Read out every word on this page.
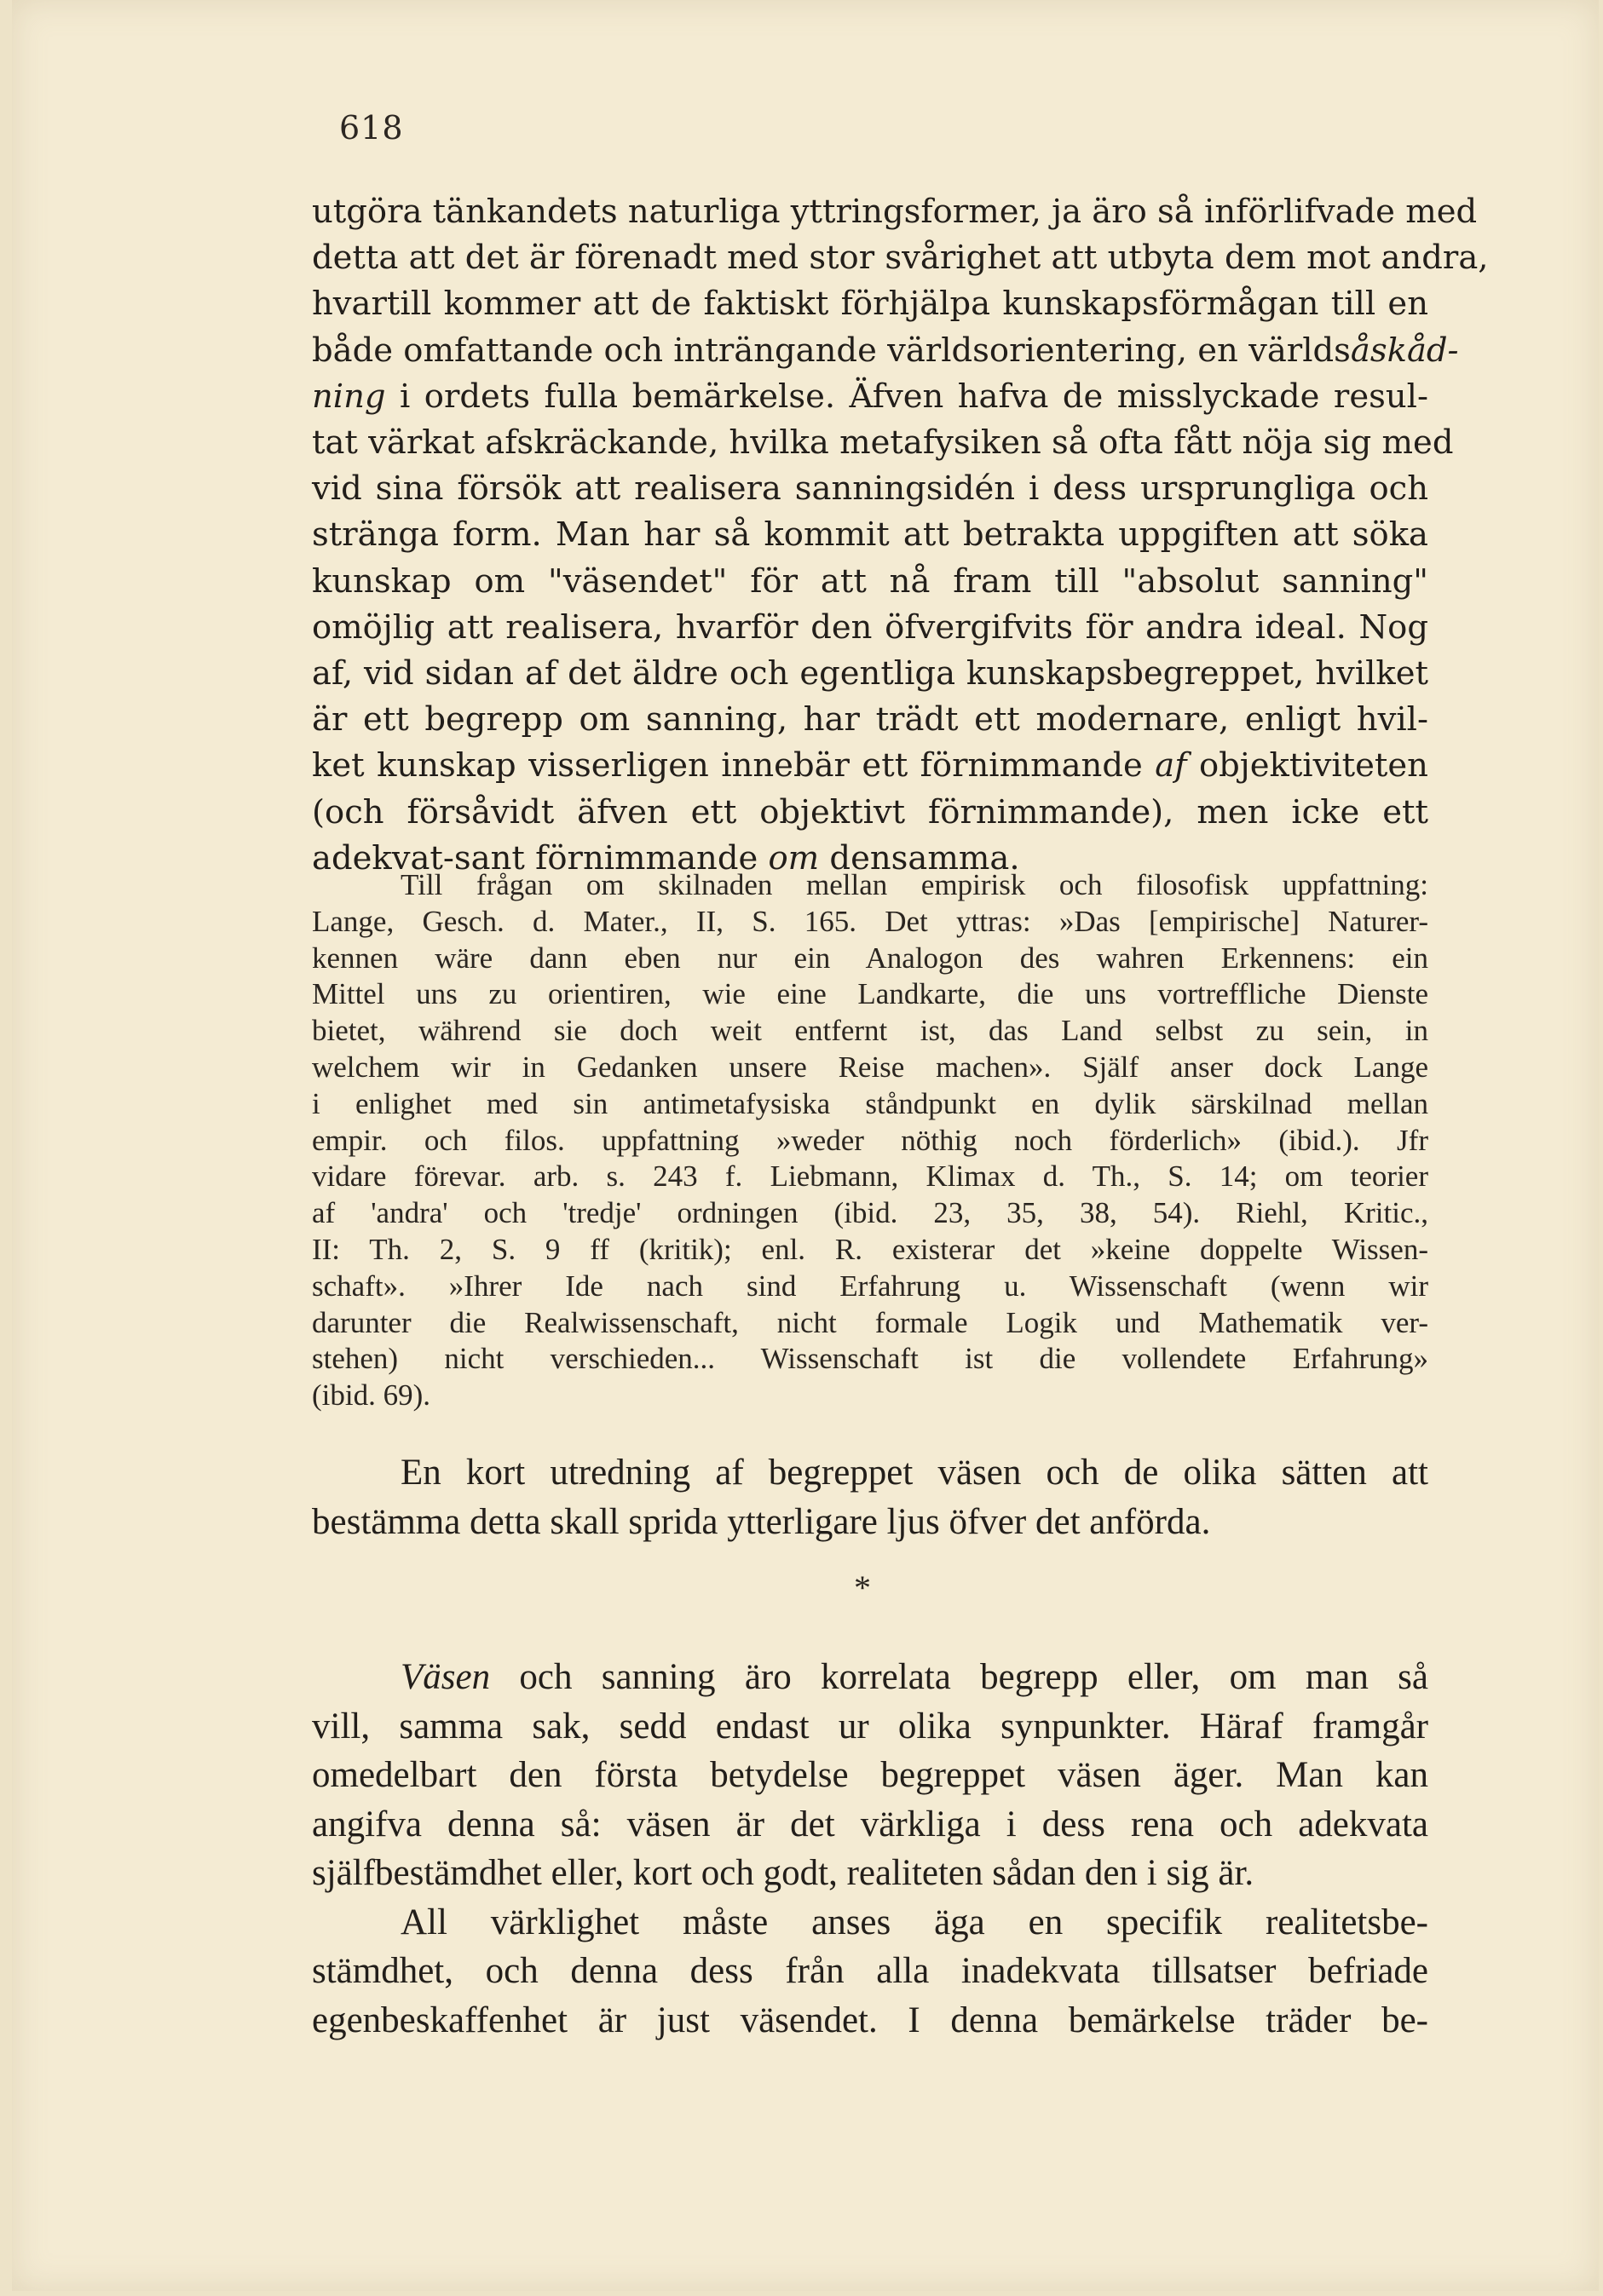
618
utgöra tänkandets naturliga yttringsformer, ja äro så införlifvade med
detta att det är förenadt med stor svårighet att utbyta dem mot andra,
hvartill kommer att de faktiskt förhjälpa kunskapsförmågan till en
både omfattande och inträngande världsorientering, en världsåskåd-
ning i ordets fulla bemärkelse. Äfven hafva de misslyckade resul-
tat värkat afskräckande, hvilka metafysiken så ofta fått nöja sig med
vid sina försök att realisera sanningsidén i dess ursprungliga och
stränga form. Man har så kommit att betrakta uppgiften att söka
kunskap om "väsendet" för att nå fram till "absolut sanning"
omöjlig att realisera, hvarför den öfvergifvits för andra ideal. Nog
af, vid sidan af det äldre och egentliga kunskapsbegreppet, hvilket
är ett begrepp om sanning, har trädt ett modernare, enligt hvil-
ket kunskap visserligen innebär ett förnimmande af objektiviteten
(och försåvidt äfven ett objektivt förnimmande), men icke ett
adekvat-sant förnimmande om densamma.
Till frågan om skilnaden mellan empirisk och filosofisk uppfattning:
Lange, Gesch. d. Mater., II, S. 165. Det yttras: »Das [empirische] Naturer-
kennen wäre dann eben nur ein Analogon des wahren Erkennens: ein
Mittel uns zu orientiren, wie eine Landkarte, die uns vortreffliche Dienste
bietet, während sie doch weit entfernt ist, das Land selbst zu sein, in
welchem wir in Gedanken unsere Reise machen». Själf anser dock Lange
i enlighet med sin antimetafysiska ståndpunkt en dylik särskilnad mellan
empir. och filos. uppfattning »weder nöthig noch förderlich» (ibid.). Jfr
vidare förevar. arb. s. 243 f. Liebmann, Klimax d. Th., S. 14; om teorier
af 'andra' och 'tredje' ordningen (ibid. 23, 35, 38, 54). Riehl, Kritic.,
II: Th. 2, S. 9 ff (kritik); enl. R. existerar det »keine doppelte Wissen-
schaft». »Ihrer Ide nach sind Erfahrung u. Wissenschaft (wenn wir
darunter die Realwissenschaft, nicht formale Logik und Mathematik ver-
stehen) nicht verschieden... Wissenschaft ist die vollendete Erfahrung»
(ibid. 69).
En kort utredning af begreppet väsen och de olika sätten att
bestämma detta skall sprida ytterligare ljus öfver det anförda.
*
Väsen och sanning äro korrelata begrepp eller, om man så
vill, samma sak, sedd endast ur olika synpunkter. Häraf framgår
omedelbart den första betydelse begreppet väsen äger. Man kan
angifva denna så: väsen är det värkliga i dess rena och adekvata
själfbestämdhet eller, kort och godt, realiteten sådan den i sig är.
All värklighet måste anses äga en specifik realitetsbe-
stämdhet, och denna dess från alla inadekvata tillsatser befriade
egenbeskaffenhet är just väsendet. I denna bemärkelse träder be-
